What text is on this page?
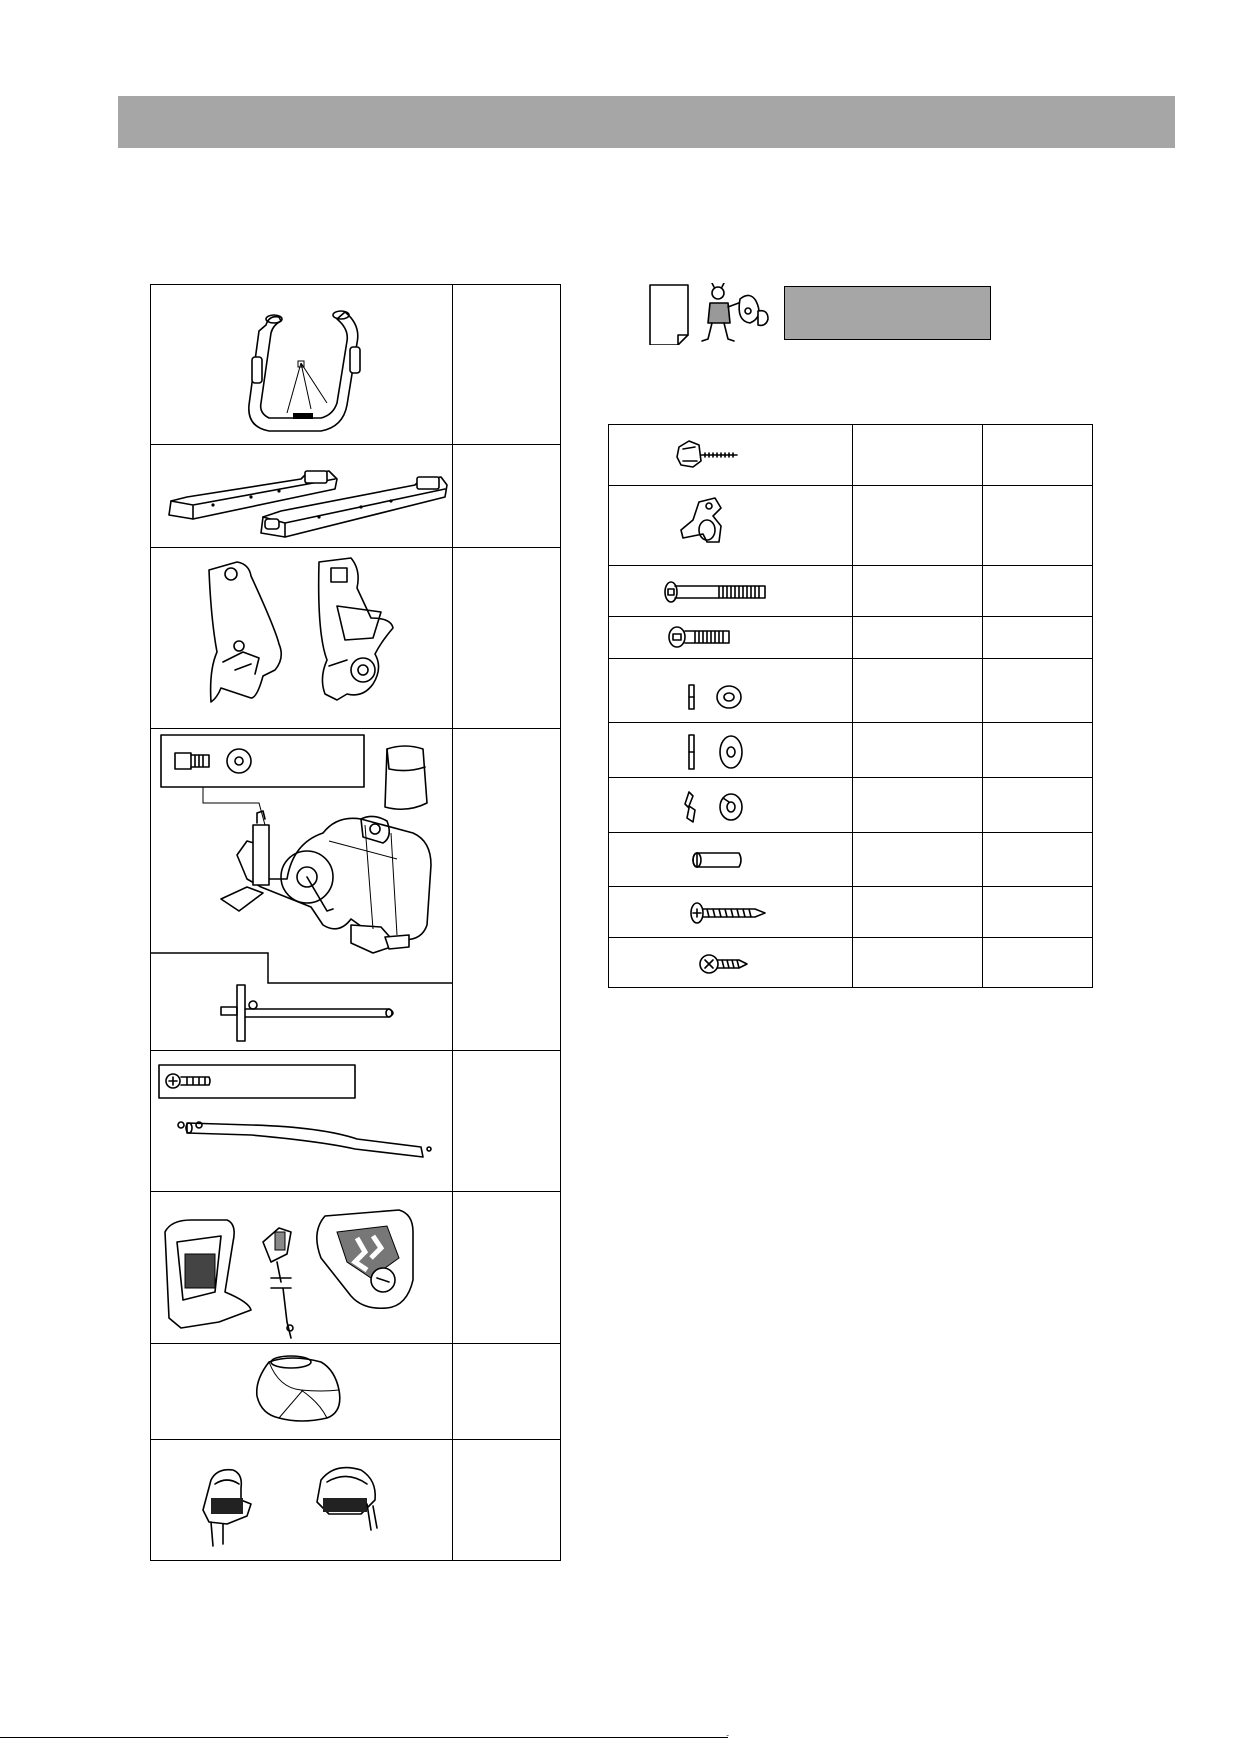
ᐨ
